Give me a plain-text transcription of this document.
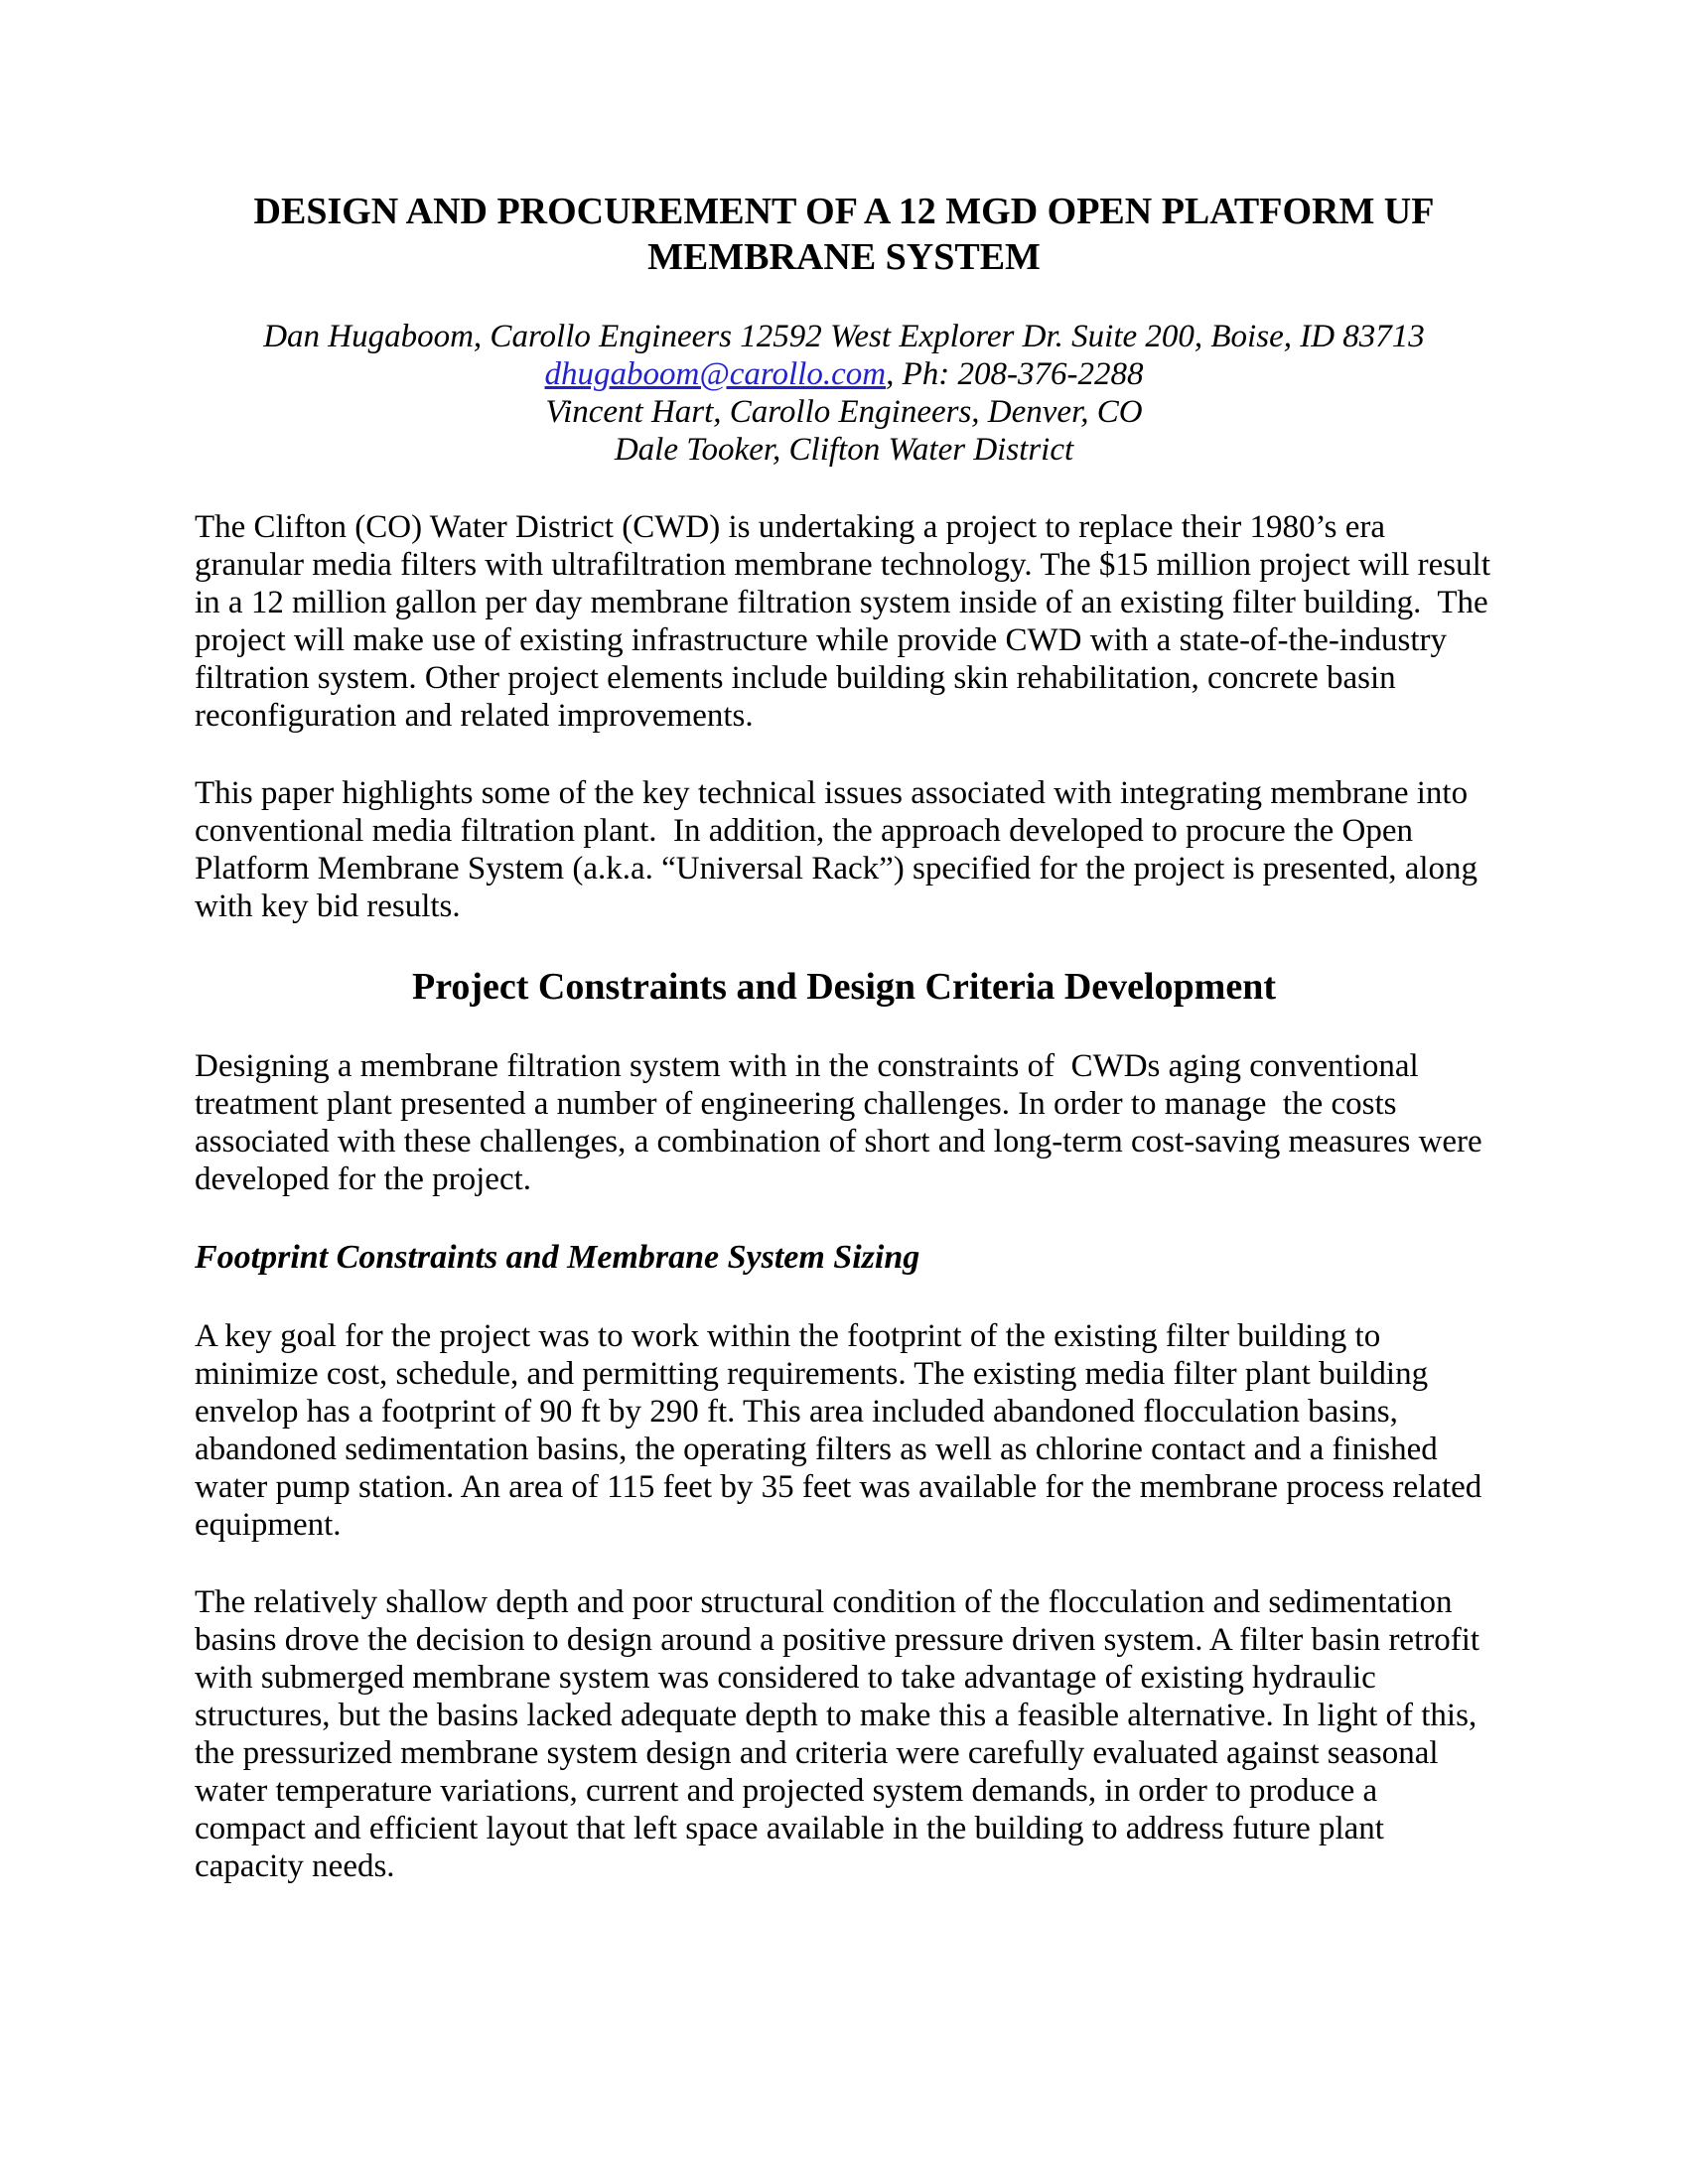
DESIGN AND PROCUREMENT OF A 12 MGD OPEN PLATFORM UF
MEMBRANE SYSTEM
Dan Hugaboom, Carollo Engineers 12592 West Explorer Dr. Suite 200, Boise, ID 83713
dhugaboom@carollo.com, Ph: 208-376-2288
Vincent Hart, Carollo Engineers, Denver, CO
Dale Tooker, Clifton Water District

The Clifton (CO) Water District (CWD) is undertaking a project to replace their 1980’s era granular media filters with ultrafiltration membrane technology. The $15 million project will result in a 12 million gallon per day membrane filtration system inside of an existing filter building.  The project will make use of existing infrastructure while provide CWD with a state-of-the-industry filtration system. Other project elements include building skin rehabilitation, concrete basin reconfiguration and related improvements.

This paper highlights some of the key technical issues associated with integrating membrane into conventional media filtration plant.  In addition, the approach developed to procure the Open Platform Membrane System (a.k.a. “Universal Rack”) specified for the project is presented, along with key bid results.

Project Constraints and Design Criteria Development

Designing a membrane filtration system with in the constraints of  CWDs aging conventional treatment plant presented a number of engineering challenges. In order to manage  the costs associated with these challenges, a combination of short and long-term cost-saving measures were developed for the project.

Footprint Constraints and Membrane System Sizing

A key goal for the project was to work within the footprint of the existing filter building to minimize cost, schedule, and permitting requirements. The existing media filter plant building envelop has a footprint of 90 ft by 290 ft. This area included abandoned flocculation basins, abandoned sedimentation basins, the operating filters as well as chlorine contact and a finished water pump station. An area of 115 feet by 35 feet was available for the membrane process related equipment.

The relatively shallow depth and poor structural condition of the flocculation and sedimentation basins drove the decision to design around a positive pressure driven system. A filter basin retrofit with submerged membrane system was considered to take advantage of existing hydraulic structures, but the basins lacked adequate depth to make this a feasible alternative. In light of this, the pressurized membrane system design and criteria were carefully evaluated against seasonal water temperature variations, current and projected system demands, in order to produce a compact and efficient layout that left space available in the building to address future plant capacity needs.
